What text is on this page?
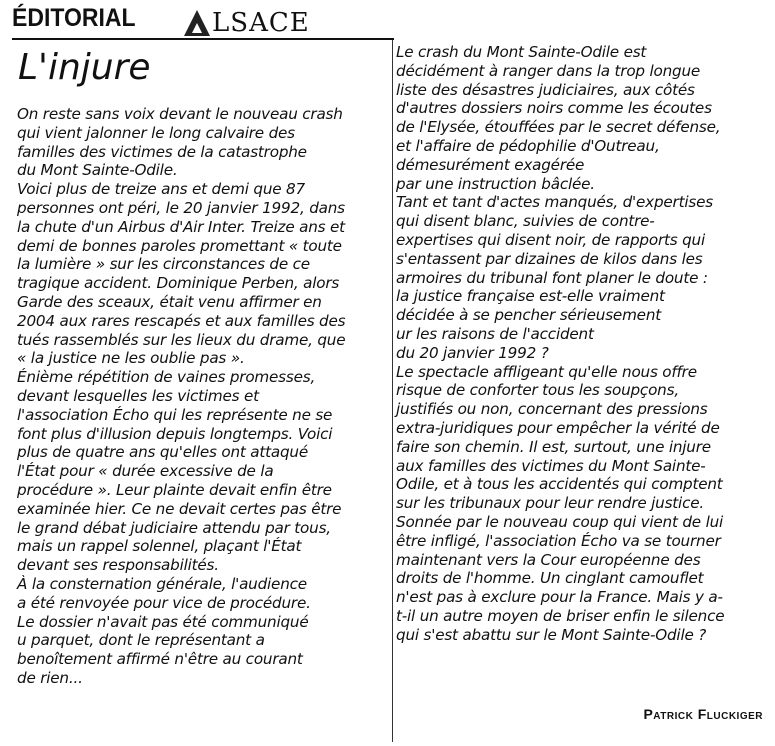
ÉDITORIAL	LSACE
L'injure

On reste sans voix devant le nouveau crash

qui vient jalonner le long calvaire des

familles des victimes de la catastrophe

du Mont Sainte-Odile.

Voici plus de treize ans et demi que 87

personnes ont péri, le 20 janvier 1992, dans

la chute d'un Airbus d'Air Inter. Treize ans et

demi de bonnes paroles promettant « toute

la lumière » sur les circonstances de ce

tragique accident. Dominique Perben, alors

Garde des sceaux, était venu affirmer en

2004 aux rares rescapés et aux familles des

tués rassemblés sur les lieux du drame, que

« la justice ne les oublie pas ».

Énième répétition de vaines promesses,

devant lesquelles les victimes et

l'association Écho qui les représente ne se

font plus d'illusion depuis longtemps. Voici

plus de quatre ans qu'elles ont attaqué

l'État pour « durée excessive de la

procédure ». Leur plainte devait enfin être

examinée hier. Ce ne devait certes pas être

le grand débat judiciaire attendu par tous,

mais un rappel solennel, plaçant l'État

devant ses responsabilités.

À la consternation générale, l'audience

a été renvoyée pour vice de procédure.

Le dossier n'avait pas été communiqué

u parquet, dont le représentant a

benoîtement affirmé n'être au courant

de rien...

Le crash du Mont Sainte-Odile est

décidément à ranger dans la trop longue

liste des désastres judiciaires, aux côtés

d'autres dossiers noirs comme les écoutes

de l'Elysée, étouffées par le secret défense,

et l'affaire de pédophilie d'Outreau,

démesurément exagérée

par une instruction bâclée.

Tant et tant d'actes manqués, d'expertises

qui disent blanc, suivies de contre-

expertises qui disent noir, de rapports qui

s'entassent par dizaines de kilos dans les

armoires du tribunal font planer le doute :

la justice française est-elle vraiment

décidée à se pencher sérieusement

ur les raisons de l'accident

du 20 janvier 1992 ?

Le spectacle affligeant qu'elle nous offre

risque de conforter tous les soupçons,

justifiés ou non, concernant des pressions

extra-juridiques pour empêcher la vérité de

faire son chemin. Il est, surtout, une injure

aux familles des victimes du Mont Sainte-

Odile, et à tous les accidentés qui comptent

sur les tribunaux pour leur rendre justice.

Sonnée par le nouveau coup qui vient de lui

être infligé, l'association Écho va se tourner

maintenant vers la Cour européenne des

droits de l'homme. Un cinglant camouflet

n'est pas à exclure pour la France. Mais y a-

t-il un autre moyen de briser enfin le silence

qui s'est abattu sur le Mont Sainte-Odile ?

Patrick Fluckiger
